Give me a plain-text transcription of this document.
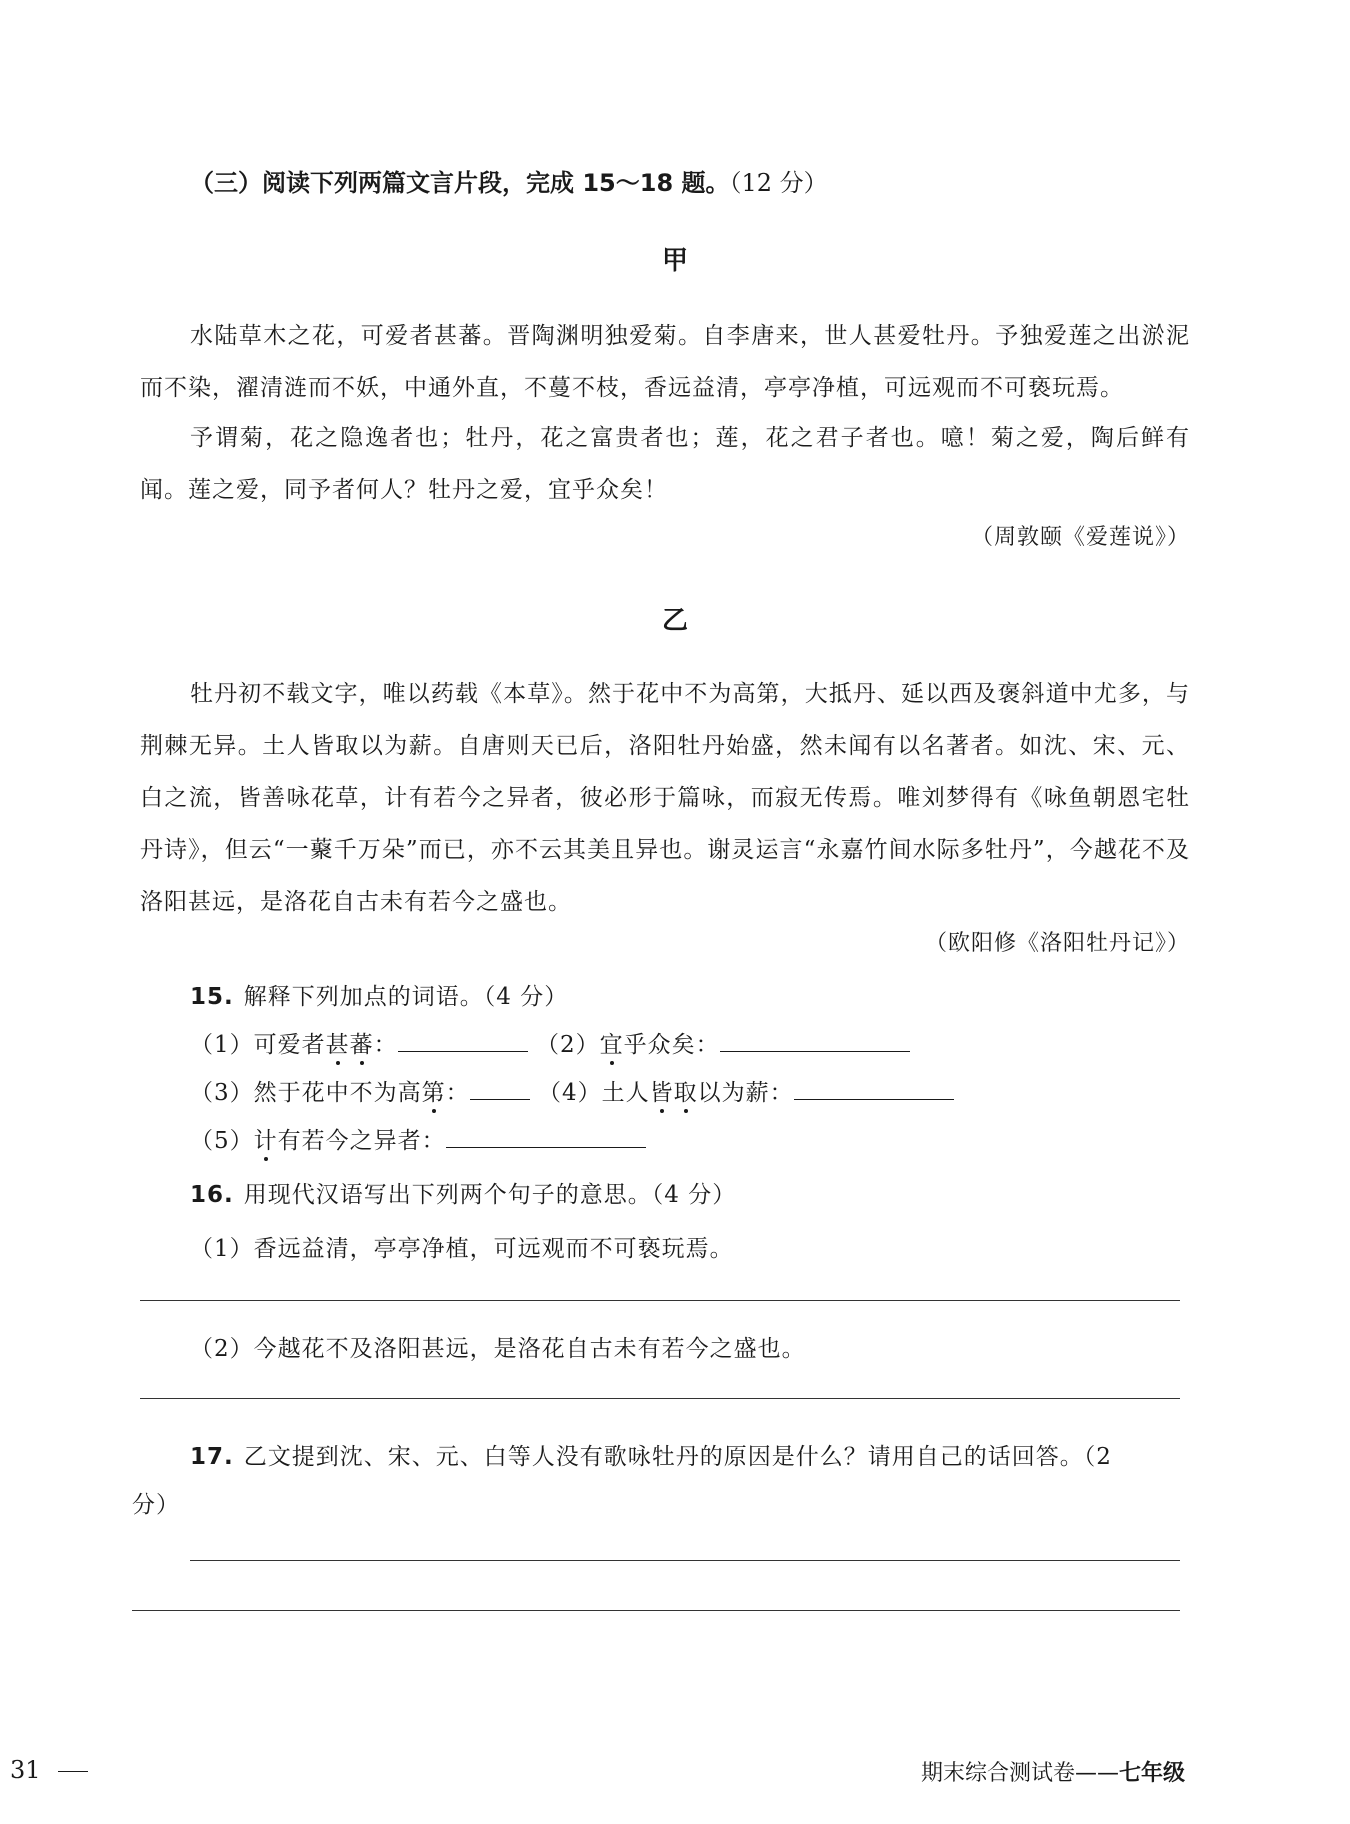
（三）阅读下列两篇文言片段，完成 15～18 题。（12 分）
甲
水陆草木之花，可爱者甚蕃。晋陶渊明独爱菊。自李唐来，世人甚爱牡丹。予独爱莲之出淤泥而不染，濯清涟而不妖，中通外直，不蔓不枝，香远益清，亭亭净植，可远观而不可亵玩焉。
予谓菊，花之隐逸者也；牡丹，花之富贵者也；莲，花之君子者也。噫！菊之爱，陶后鲜有闻。莲之爱，同予者何人？牡丹之爱，宜乎众矣！
（周敦颐《爱莲说》）
乙
牡丹初不载文字，唯以药载《本草》。然于花中不为高第，大抵丹、延以西及褒斜道中尤多，与荆棘无异。土人皆取以为薪。自唐则天已后，洛阳牡丹始盛，然未闻有以名著者。如沈、宋、元、白之流，皆善咏花草，计有若今之异者，彼必形于篇咏，而寂无传焉。唯刘梦得有《咏鱼朝恩宅牡丹诗》，但云“一藂千万朵”而已，亦不云其美且异也。谢灵运言“永嘉竹间水际多牡丹”，今越花不及洛阳甚远，是洛花自古未有若今之盛也。
（欧阳修《洛阳牡丹记》）
15. 解释下列加点的词语。（4 分）
（1）可爱者甚蕃：	（2）宜乎众矣：
（3）然于花中不为高第：	（4）土人皆取以为薪：
（5）计有若今之异者：
16. 用现代汉语写出下列两个句子的意思。（4 分）
（1）香远益清，亭亭净植，可远观而不可亵玩焉。
（2）今越花不及洛阳甚远，是洛花自古未有若今之盛也。
17. 乙文提到沈、宋、元、白等人没有歌咏牡丹的原因是什么？请用自己的话回答。（2
分）
31	期末综合测试卷——七年级
